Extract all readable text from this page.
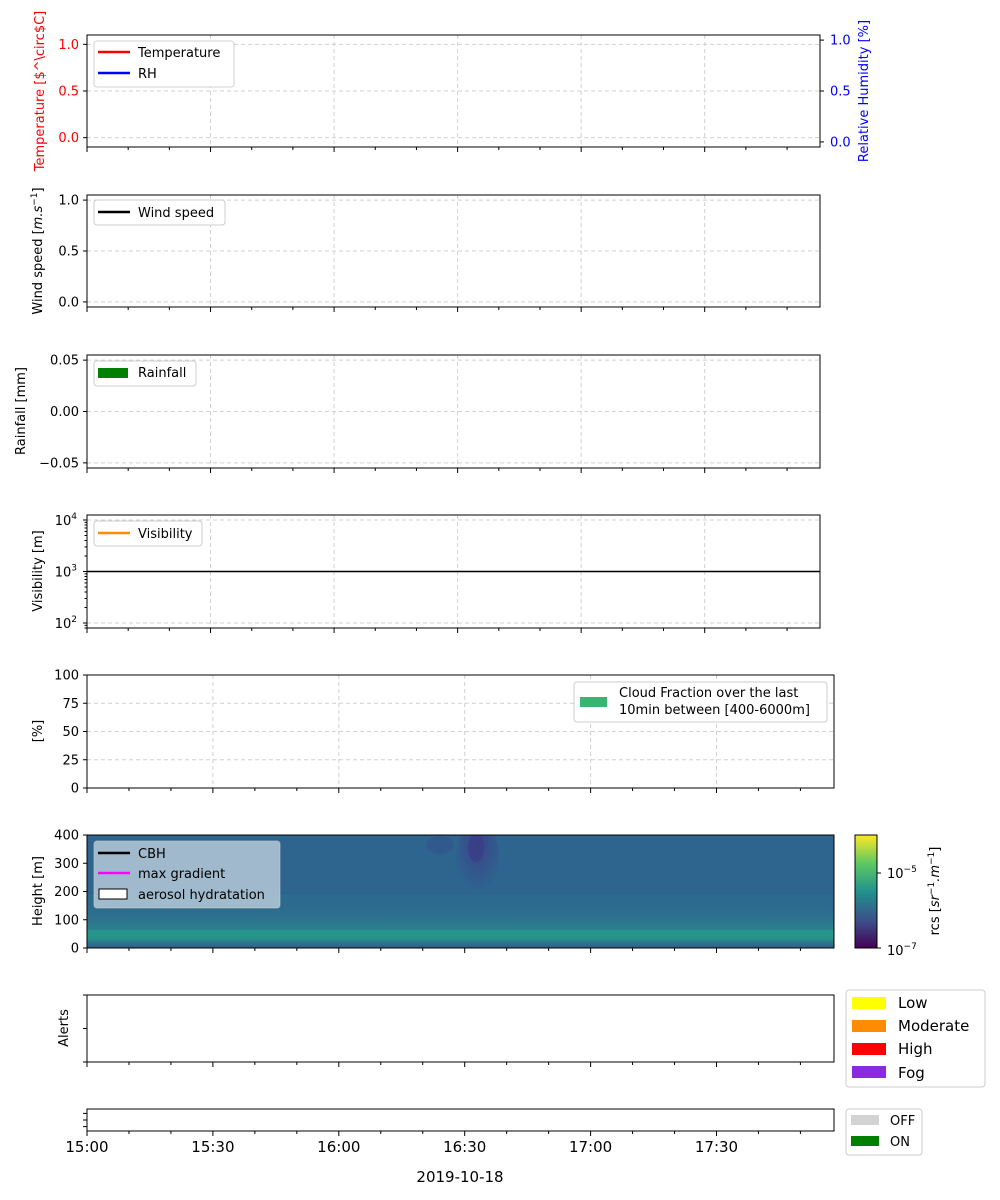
0.0
0.5
1.0
0.0
0.5
1.0
Temperature [$^\circ$C]	Relative Humidity [%]
Temperature
RH
0.0
0.5
1.0
Wind speed $[m.s^{-1}]$
Wind speed
−0.05
0.00
0.05
Rainfall [mm]	Rainfall
Visibility [m]	Visibility
0
25
50
75
100
[%]
Cloud Fraction over the last
10min between [400-6000m]
0
100
200
300
400
Height [m]
CBH
max gradient
aerosol hydratation
$10^{-5}$
$10^{-7}$
rcs $[sr^{-1}.m^{-1}]$
Alerts
Low
Moderate
High
Fog
OFF
ON
15:00	15:30	16:00	16:30	17:00	17:30
2019-10-18
$10^4$
$10^3$
$10^2$
